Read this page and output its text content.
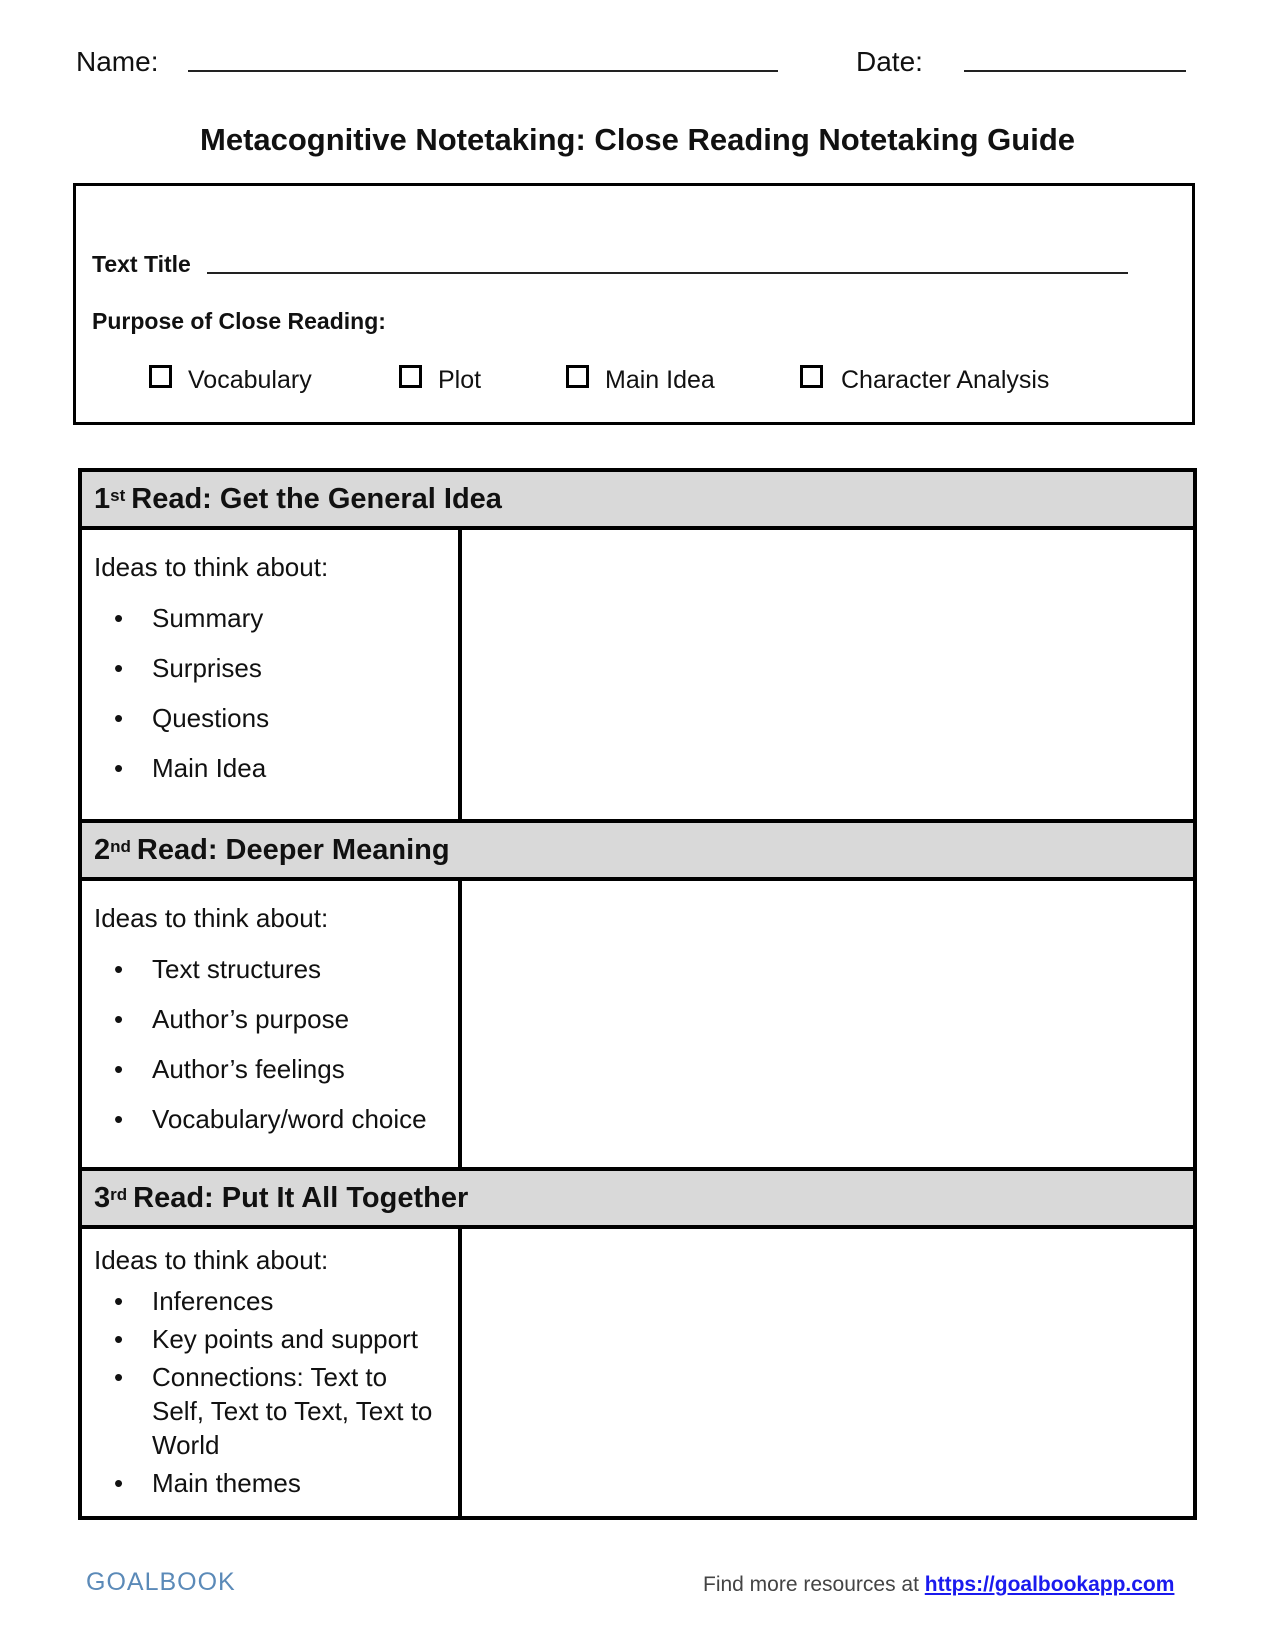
Name:	Date:
Metacognitive Notetaking: Close Reading Notetaking Guide
Text Title
Purpose of Close Reading:
Vocabulary	Plot	Main Idea	Character Analysis
1st Read: Get the General Idea
Ideas to think about:
• Summary
• Surprises
• Questions
• Main Idea
2nd Read: Deeper Meaning
Ideas to think about:
• Text structures
• Author’s purpose
• Author’s feelings
• Vocabulary/word choice
3rd Read: Put It All Together
Ideas to think about:
• Inferences
• Key points and support
• Connections: Text to Self, Text to Text, Text to World
• Main themes
GOALBOOK	Find more resources at https://goalbookapp.com
